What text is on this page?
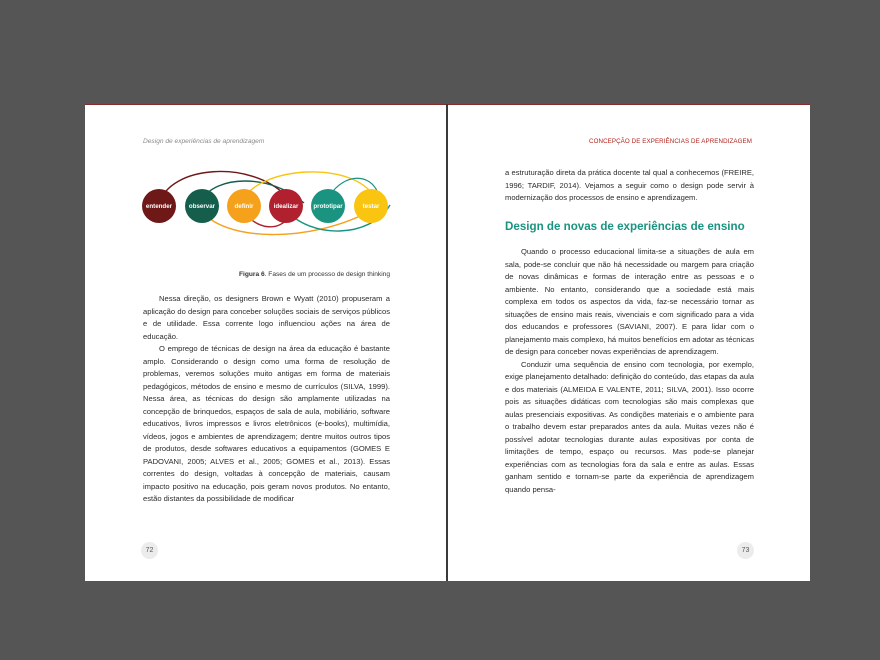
Design de experiências de aprendizagem
entender	observar	definir	idealizar prototipar	testar
Figura 6. Fases de um processo de design thinking

Nessa direção, os designers Brown e Wyatt (2010) propuseram a aplicação do design para conceber soluções sociais de serviços públicos e de utilidade. Essa corrente logo influenciou ações na área de educação.

O emprego de técnicas de design na área da educação é bastante amplo. Considerando o design como uma forma de resolução de problemas, veremos soluções muito antigas em forma de materiais pedagógicos, métodos de ensino e mesmo de currículos (SILVA, 1999). Nessa área, as técnicas do design são amplamente utilizadas na concepção de brinquedos, espaços de sala de aula, mobiliário, software educativos, livros impressos e livros eletrônicos (e-books), multimídia, vídeos, jogos e ambientes de aprendizagem; dentre muitos outros tipos de produtos, desde softwares educativos a equipamentos (GOMES E PADOVANI, 2005; ALVES et al., 2005; GOMES et al., 2013). Essas correntes do design, voltadas à concepção de materiais, causam impacto positivo na educação, pois geram novos produtos. No entanto, estão distantes da possibilidade de modificar

72
CONCEPÇÃO DE EXPERIÊNCIAS DE APRENDIZAGEM

a estruturação direta da prática docente tal qual a conhecemos (FREIRE, 1996; TARDIF, 2014). Vejamos a seguir como o design pode servir à modernização dos processos de ensino e aprendizagem.

Design de novas de experiências de ensino

Quando o processo educacional limita-se a situações de aula em sala, pode-se concluir que não há necessidade ou margem para criação de novas dinâmicas e formas de interação entre as pessoas e o ambiente. No entanto, considerando que a sociedade está mais complexa em todos os aspectos da vida, faz-se necessário tornar as situações de ensino mais reais, vivenciais e com significado para a vida dos educandos e professores (SAVIANI, 2007). E para lidar com o planejamento mais complexo, há muitos benefícios em adotar as técnicas de design para conceber novas experiências de aprendizagem.

Conduzir uma sequência de ensino com tecnologia, por exemplo, exige planejamento detalhado: definição do conteúdo, das etapas da aula e dos materiais (ALMEIDA E VALENTE, 2011; SILVA, 2001). Isso ocorre pois as situações didáticas com tecnologias são mais complexas que aulas presenciais expositivas. As condições materiais e o ambiente para o trabalho devem estar preparados antes da aula. Muitas vezes não é possível adotar tecnologias durante aulas expositivas por conta de limitações de tempo, espaço ou recursos. Mas pode-se planejar experiências com as tecnologias fora da sala e entre as aulas. Essas ganham sentido e tornam-se parte da experiência de aprendizagem quando pensa-

73
